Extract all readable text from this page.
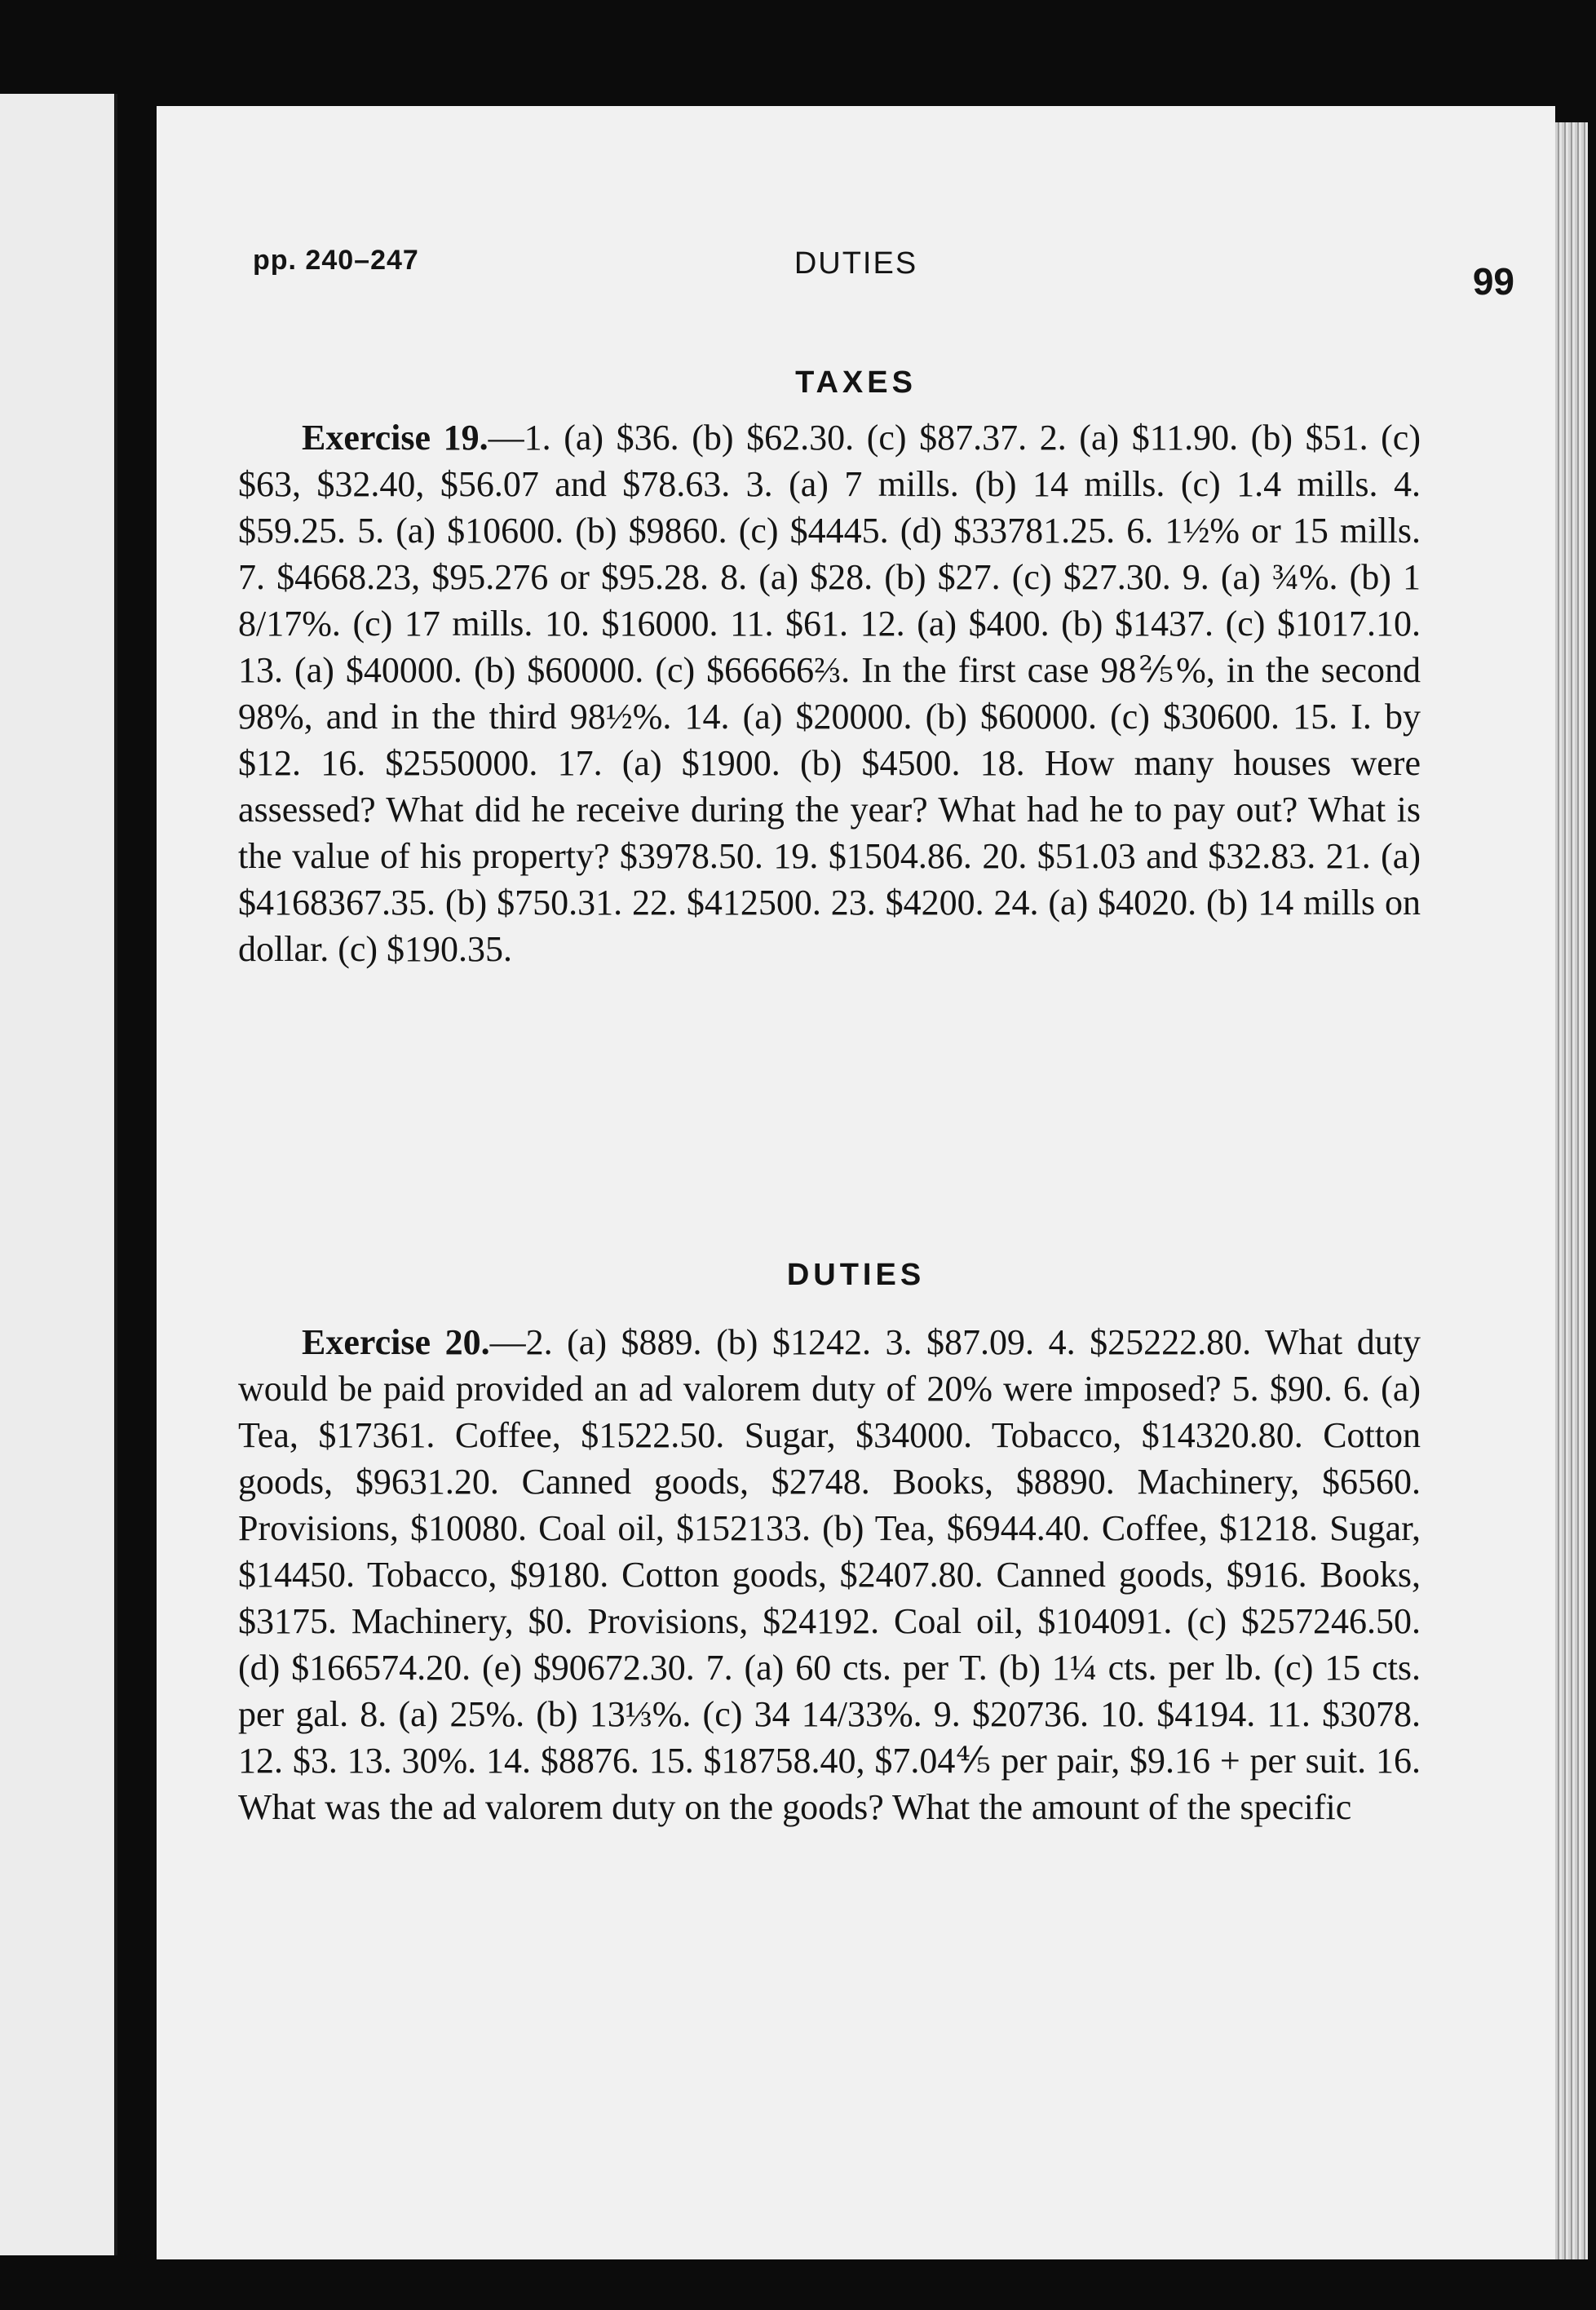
pp. 240–247	DUTIES	99
TAXES

Exercise 19.—1. (a) $36. (b) $62.30. (c) $87.37. 2. (a) $11.90. (b) $51. (c) $63, $32.40, $56.07 and $78.63. 3. (a) 7 mills. (b) 14 mills. (c) 1.4 mills. 4. $59.25. 5. (a) $10600. (b) $9860. (c) $4445. (d) $33781.25. 6. 1½% or 15 mills. 7. $4668.23, $95.276 or $95.28. 8. (a) $28. (b) $27. (c) $27.30. 9. (a) ¾%. (b) 1 8/17%. (c) 17 mills. 10. $16000. 11. $61. 12. (a) $400. (b) $1437. (c) $1017.10. 13. (a) $40000. (b) $60000. (c) $66666⅔. In the first case 98⅖%, in the second 98%, and in the third 98½%. 14. (a) $20000. (b) $60000. (c) $30600. 15. I. by $12. 16. $2550000. 17. (a) $1900. (b) $4500. 18. How many houses were assessed? What did he receive during the year? What had he to pay out? What is the value of his property? $3978.50. 19. $1504.86. 20. $51.03 and $32.83. 21. (a) $4168367.35. (b) $750.31. 22. $412500. 23. $4200. 24. (a) $4020. (b) 14 mills on dollar. (c) $190.35.

DUTIES

Exercise 20.—2. (a) $889. (b) $1242. 3. $87.09. 4. $25222.80. What duty would be paid provided an ad valorem duty of 20% were imposed? 5. $90. 6. (a) Tea, $17361. Coffee, $1522.50. Sugar, $34000. Tobacco, $14320.80. Cotton goods, $9631.20. Canned goods, $2748. Books, $8890. Machinery, $6560. Provisions, $10080. Coal oil, $152133. (b) Tea, $6944.40. Coffee, $1218. Sugar, $14450. Tobacco, $9180. Cotton goods, $2407.80. Canned goods, $916. Books, $3175. Machinery, $0. Provisions, $24192. Coal oil, $104091. (c) $257246.50. (d) $166574.20. (e) $90672.30. 7. (a) 60 cts. per T. (b) 1¼ cts. per lb. (c) 15 cts. per gal. 8. (a) 25%. (b) 13⅓%. (c) 34 14/33%. 9. $20736. 10. $4194. 11. $3078. 12. $3. 13. 30%. 14. $8876. 15. $18758.40, $7.04⅘ per pair, $9.16 + per suit. 16. What was the ad valorem duty on the goods? What the amount of the specific
